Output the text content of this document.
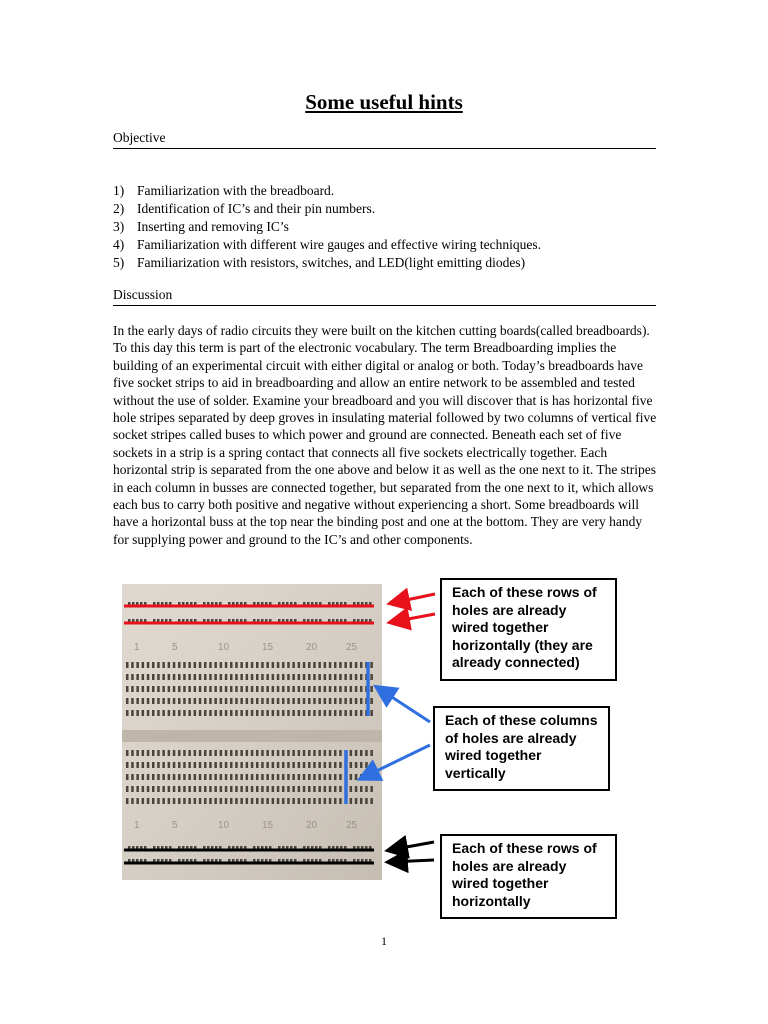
Some useful hints
Objective
1) Familiarization with the breadboard.
2) Identification of IC’s and their pin numbers.
3) Inserting and removing IC’s
4) Familiarization with different wire gauges and effective wiring techniques.
5) Familiarization with resistors, switches, and LED(light emitting diodes)
Discussion

In the early days of radio circuits they were built on the kitchen cutting boards(called breadboards). To this day this term is part of the electronic vocabulary. The term Breadboarding implies the building of an experimental circuit with either digital or analog or both. Today’s breadboards have five socket strips to aid in breadboarding and allow an entire network to be assembled and tested without the use of solder. Examine your breadboard and you will discover that is has horizontal five hole stripes separated by deep groves in insulating material followed by two columns of vertical five socket stripes called buses to which power and ground are connected. Beneath each set of five sockets in a strip is a spring contact that connects all five sockets electrically together. Each horizontal strip is separated from the one above and below it as well as the one next to it. The stripes in each column in busses are connected together, but separated from the one next to it, which allows each bus to carry both positive and negative without experiencing a short. Some breadboards will have a horizontal buss at the top near the binding post and one at the bottom. They are very handy for supplying power and ground to the IC’s and other components.

1	5	10	15	20	25
1	5	10	15	20	25
Each of these rows of holes are already wired together horizontally (they are already connected)
Each of these columns of holes are already wired together vertically
Each of these rows of holes are already wired together horizontally
1
